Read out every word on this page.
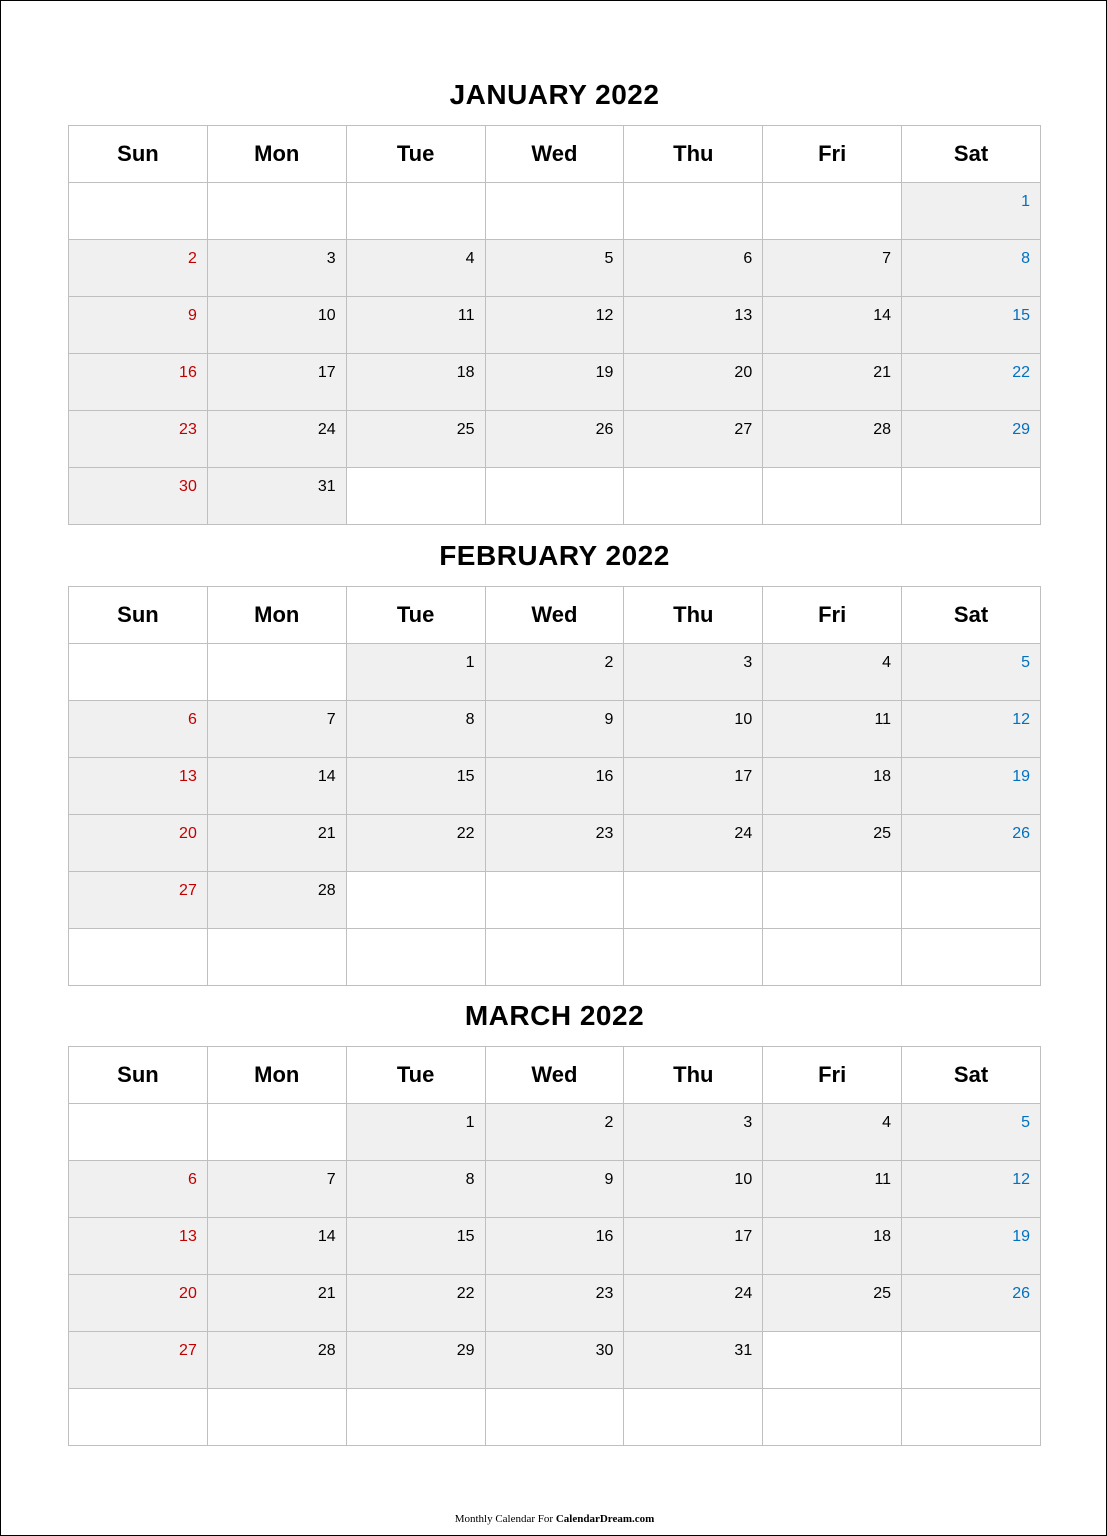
JANUARY 2022
Sun	Mon	Tue	Wed	Thu	Fri	Sat

						1

2	3	4	5	6	7	8

9	10	11	12	13	14	15

16	17	18	19	20	21	22

23	24	25	26	27	28	29

30	31					

FEBRUARY 2022
Sun	Mon	Tue	Wed	Thu	Fri	Sat

		1	2	3	4	5

6	7	8	9	10	11	12

13	14	15	16	17	18	19

20	21	22	23	24	25	26

27	28					

MARCH 2022
Sun	Mon	Tue	Wed	Thu	Fri	Sat

		1	2	3	4	5

6	7	8	9	10	11	12

13	14	15	16	17	18	19

20	21	22	23	24	25	26

27	28	29	30	31		

Monthly Calendar For CalendarDream.com
